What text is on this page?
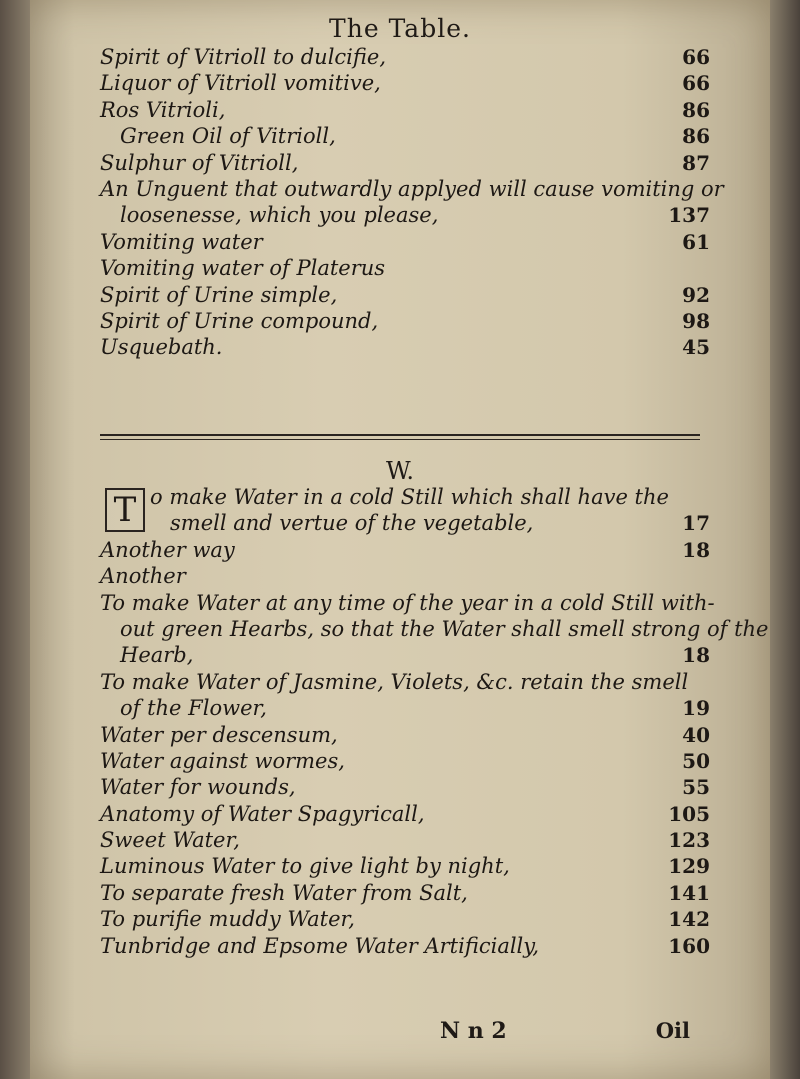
The Table.
Spirit of Vitrioll to dulcifie,	66
Liquor of Vitrioll vomitive,	66
Ros Vitrioli,	86
Green Oil of Vitrioll,	86
Sulphur of Vitrioll,	87
An Unguent that outwardly applyed will cause vomiting or
loosenesse, which you please,	137
Vomiting water	61
Vomiting water of Platerus
Spirit of Urine simple,	92
Spirit of Urine compound,	98
Usquebath.	45
W.
T o make Water in a cold Still which shall have the
smell and vertue of the vegetable,	17
Another way	18
Another
To make Water at any time of the year in a cold Still with-
out green Hearbs, so that the Water shall smell strong of the
Hearb,	18
To make Water of Jasmine, Violets, &c. retain the smell
of the Flower,	19
Water per descensum,	40
Water against wormes,	50
Water for wounds,	55
Anatomy of Water Spagyricall,	105
Sweet Water,	123
Luminous Water to give light by night,	129
To separate fresh Water from Salt,	141
To purifie muddy Water,	142
Tunbridge and Epsome Water Artificially,	160
N n 2	Oil
